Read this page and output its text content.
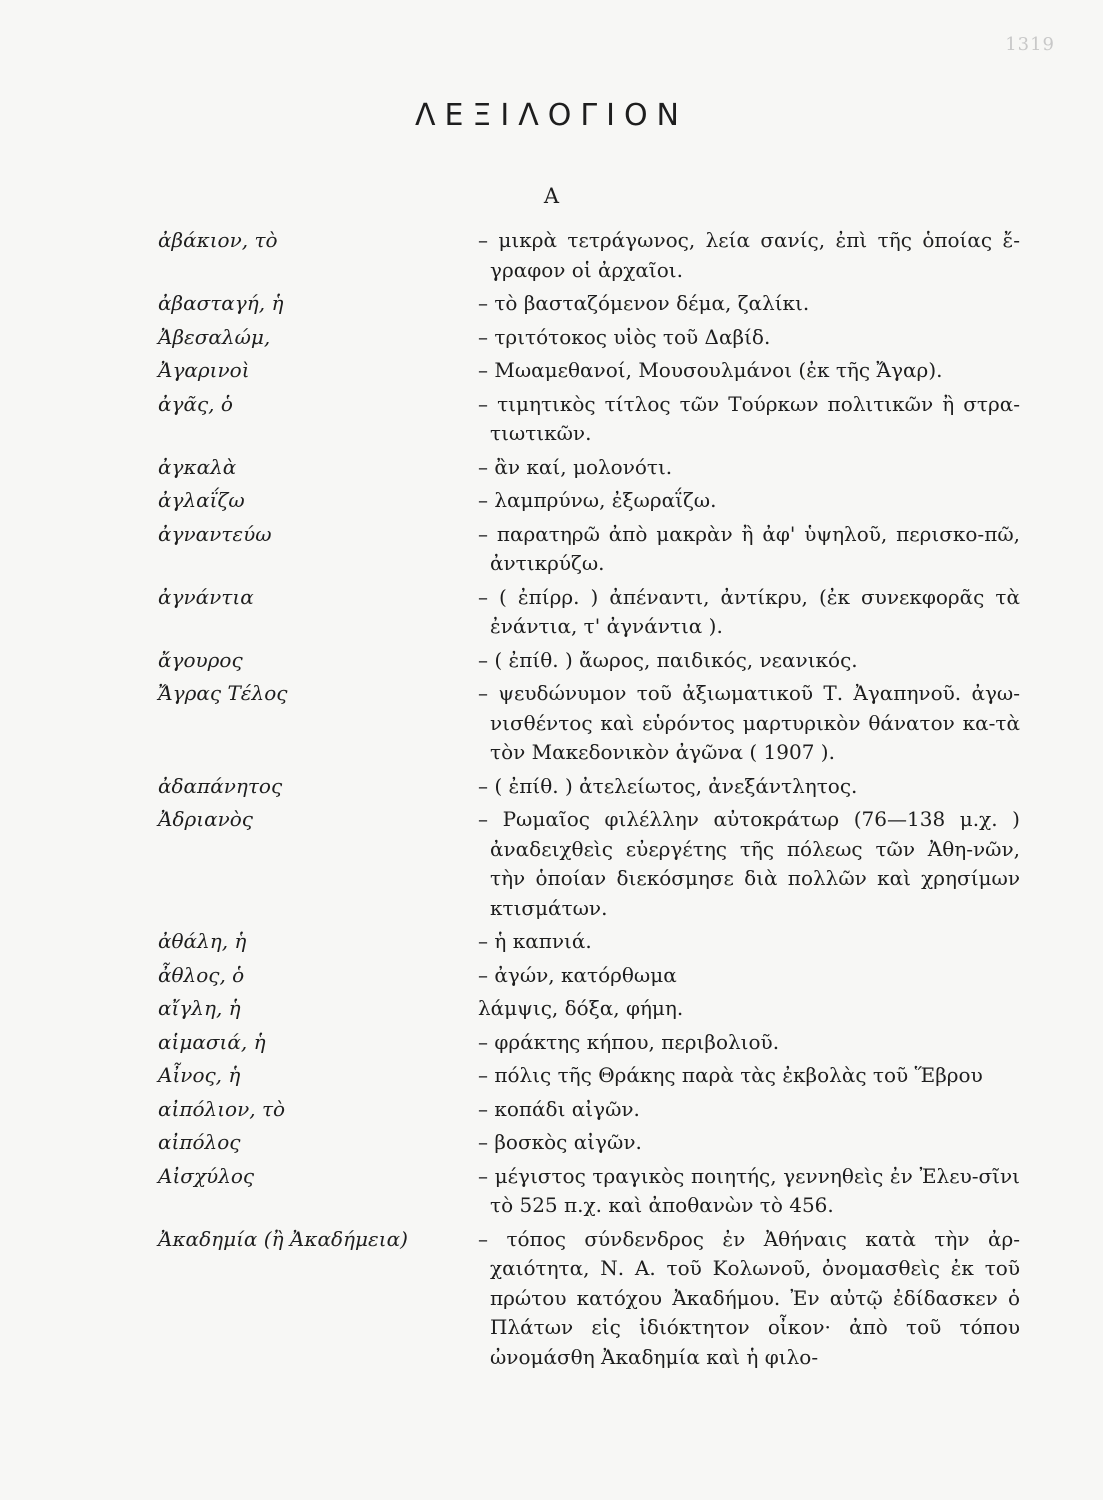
1319
ΛΕΞΙΛΟΓΙΟΝ
Α
ἀβάκιον, τὸ	– μικρὰ τετράγωνος, λεία σανίς, ἐπὶ τῆς ὁποίας ἔ-γραφον οἱ ἀρχαῖοι.
ἀβασταγή, ἡ	– τὸ βασταζόμενον δέμα, ζαλίκι.
Ἀβεσαλώμ,	– τριτότοκος υἱὸς τοῦ Δαβίδ.
Ἀγαρινοὶ	– Μωαμεθανοί, Μουσουλμάνοι (ἐκ τῆς Ἄγαρ).
ἀγᾶς, ὁ	– τιμητικὸς τίτλος τῶν Τούρκων πολιτικῶν ἢ στρα-τιωτικῶν.
ἀγκαλὰ	– ἂν καί, μολονότι.
ἀγλαΐζω	– λαμπρύνω, ἐξωραΐζω.
ἀγναντεύω	– παρατηρῶ ἀπὸ μακρὰν ἢ ἀφ' ὑψηλοῦ, περισκο-πῶ, ἀντικρύζω.
ἀγνάντια	– ( ἐπίρρ. ) ἀπέναντι, ἀντίκρυ, (ἐκ συνεκφορᾶς τὰ ἐνάντια, τ' ἀγνάντια ).
ἄγουρος	– ( ἐπίθ. ) ἄωρος, παιδικός, νεανικός.
Ἄγρας Τέλος	– ψευδώνυμον τοῦ ἀξιωματικοῦ Τ. Ἀγαπηνοῦ. ἀγω-νισθέντος καὶ εὑρόντος μαρτυρικὸν θάνατον κα-τὰ τὸν Μακεδονικὸν ἀγῶνα ( 1907 ).
ἀδαπάνητος	– ( ἐπίθ. ) ἀτελείωτος, ἀνεξάντλητος.
Ἀδριανὸς	– Ρωμαῖος φιλέλλην αὐτοκράτωρ (76—138 μ.χ. ) ἀναδειχθεὶς εὐεργέτης τῆς πόλεως τῶν Ἀθη-νῶν, τὴν ὁποίαν διεκόσμησε διὰ πολλῶν καὶ χρησίμων κτισμάτων.
ἀθάλη, ἡ	– ἡ καπνιά.
ἆθλος, ὁ	– ἀγών, κατόρθωμα
αἴγλη, ἡ	λάμψις, δόξα, φήμη.
αἱμασιά, ἡ	– φράκτης κήπου, περιβολιοῦ.
Αἶνος, ἡ	– πόλις τῆς Θράκης παρὰ τὰς ἐκβολὰς τοῦ Ἕβρου
αἰπόλιον, τὸ	– κοπάδι αἰγῶν.
αἰπόλος	– βοσκὸς αἰγῶν.
Αἰσχύλος	– μέγιστος τραγικὸς ποιητής, γεννηθεὶς ἐν Ἐλευ-σῖνι τὸ 525 π.χ. καὶ ἀποθανὼν τὸ 456.
Ἀκαδημία (ἢ Ἀκαδήμεια)	– τόπος σύνδενδρος ἐν Ἀθήναις κατὰ τὴν ἀρ-χαιότητα, Ν. Α. τοῦ Κολωνοῦ, ὀνομασθεὶς ἐκ τοῦ πρώτου κατόχου Ἀκαδήμου. Ἐν αὐτῷ ἐδίδασκεν ὁ Πλάτων εἰς ἰδιόκτητον οἶκον· ἀπὸ τοῦ τόπου ὠνομάσθη Ἀκαδημία καὶ ἡ φιλο-
